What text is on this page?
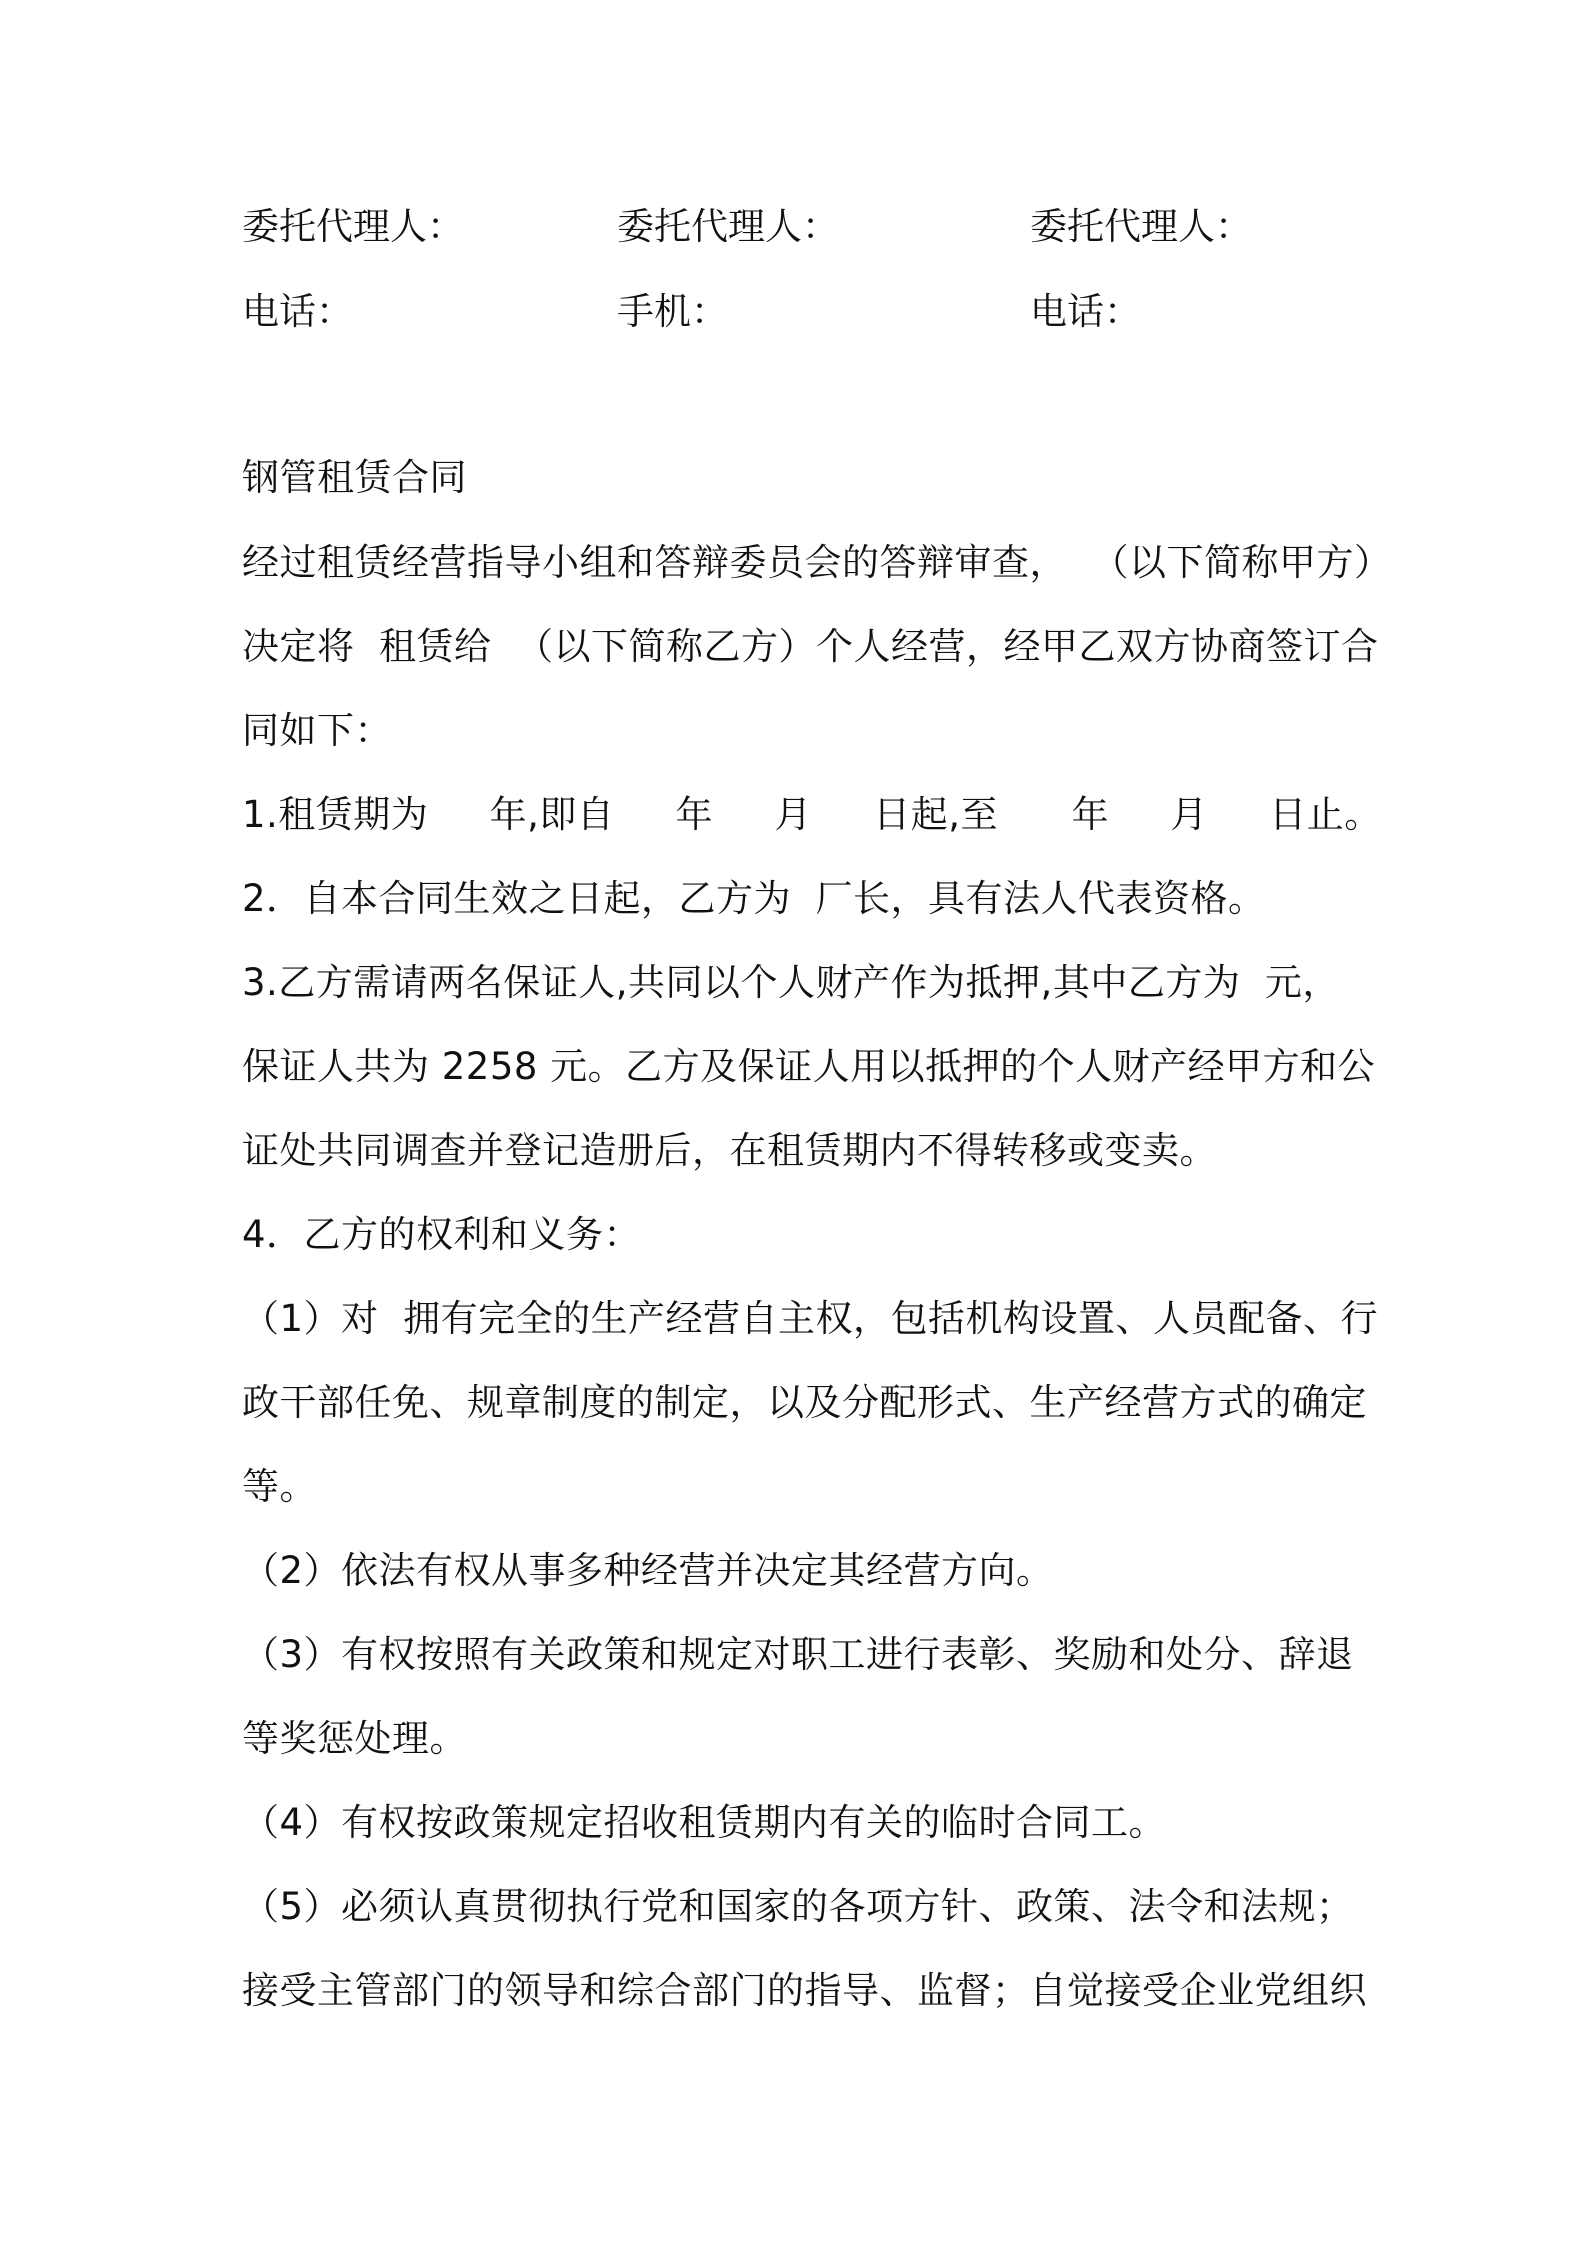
委托代理人：	委托代理人：	委托代理人：
电话：	手机：	电话：
钢管租赁合同
经过租赁经营指导小组和答辩委员会的答辩审查，  （以下简称甲方）
决定将  租赁给  （以下简称乙方）个人经营，经甲乙双方协商签订合
同如下：
1.租赁期为     年,即自     年     月     日起,至      年     月     日止。
2．自本合同生效之日起，乙方为  厂长，具有法人代表资格。
3.乙方需请两名保证人,共同以个人财产作为抵押,其中乙方为  元，
保证人共为 2258 元。乙方及保证人用以抵押的个人财产经甲方和公
证处共同调查并登记造册后，在租赁期内不得转移或变卖。
4．乙方的权利和义务：
（1）对  拥有完全的生产经营自主权，包括机构设置、人员配备、行
政干部任免、规章制度的制定，以及分配形式、生产经营方式的确定
等。
（2）依法有权从事多种经营并决定其经营方向。
（3）有权按照有关政策和规定对职工进行表彰、奖励和处分、辞退
等奖惩处理。
（4）有权按政策规定招收租赁期内有关的临时合同工。
（5）必须认真贯彻执行党和国家的各项方针、政策、法令和法规；
接受主管部门的领导和综合部门的指导、监督；自觉接受企业党组织
